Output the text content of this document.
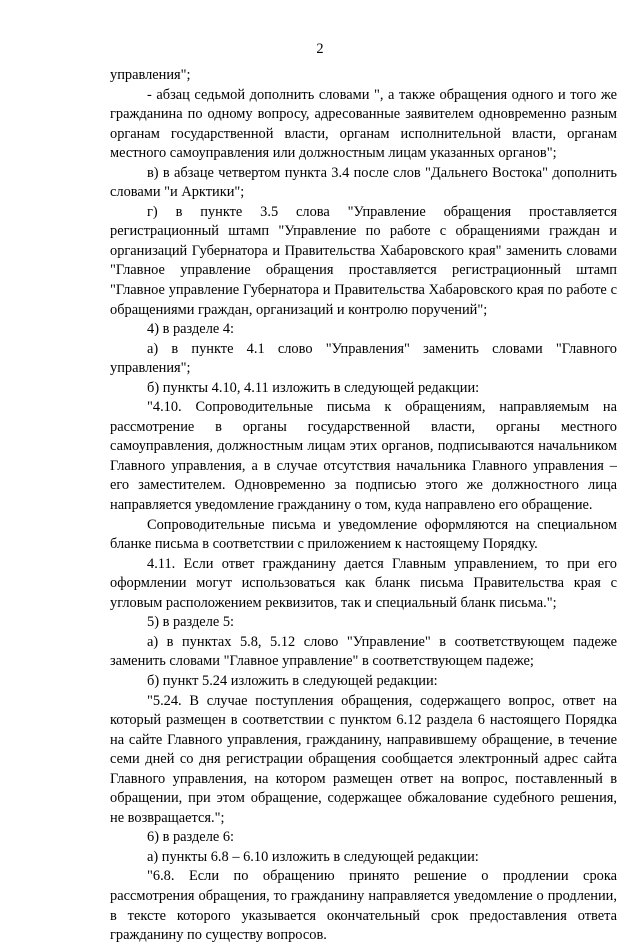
2

управления";

- абзац седьмой дополнить словами ", а также обращения одного и того же гражданина по одному вопросу, адресованные заявителем одновременно разным органам государственной власти, органам исполнительной власти, органам местного самоуправления или должностным лицам указанных органов";

в) в абзаце четвертом пункта 3.4 после слов "Дальнего Востока" дополнить словами "и Арктики";

г) в пункте 3.5 слова "Управление обращения проставляется регистрационный штамп "Управление по работе с обращениями граждан и организаций Губернатора и Правительства Хабаровского края" заменить словами "Главное управление обращения проставляется регистрационный штамп "Главное управление Губернатора и Правительства Хабаровского края по работе с обращениями граждан, организаций и контролю поручений";

4) в разделе 4:

а) в пункте 4.1 слово "Управления" заменить словами "Главного управления";

б) пункты 4.10, 4.11 изложить в следующей редакции:

"4.10. Сопроводительные письма к обращениям, направляемым на рассмотрение в органы государственной власти, органы местного самоуправления, должностным лицам этих органов, подписываются начальником Главного управления, а в случае отсутствия начальника Главного управления – его заместителем. Одновременно за подписью этого же должностного лица направляется уведомление гражданину о том, куда направлено его обращение.

Сопроводительные письма и уведомление оформляются на специальном бланке письма в соответствии с приложением к настоящему Порядку.

4.11. Если ответ гражданину дается Главным управлением, то при его оформлении могут использоваться как бланк письма Правительства края с угловым расположением реквизитов, так и специальный бланк письма.";

5) в разделе 5:

а) в пунктах 5.8, 5.12 слово "Управление" в соответствующем падеже заменить словами "Главное управление" в соответствующем падеже;

б) пункт 5.24 изложить в следующей редакции:

"5.24. В случае поступления обращения, содержащего вопрос, ответ на который размещен в соответствии с пунктом 6.12 раздела 6 настоящего Порядка на сайте Главного управления, гражданину, направившему обращение, в течение семи дней со дня регистрации обращения сообщается электронный адрес сайта Главного управления, на котором размещен ответ на вопрос, поставленный в обращении, при этом обращение, содержащее обжалование судебного решения, не возвращается.";

6) в разделе 6:

а) пункты 6.8 – 6.10 изложить в следующей редакции:

"6.8. Если по обращению принято решение о продлении срока рассмотрения обращения, то гражданину направляется уведомление о продлении, в тексте которого указывается окончательный срок предоставления ответа гражданину по существу вопросов.
